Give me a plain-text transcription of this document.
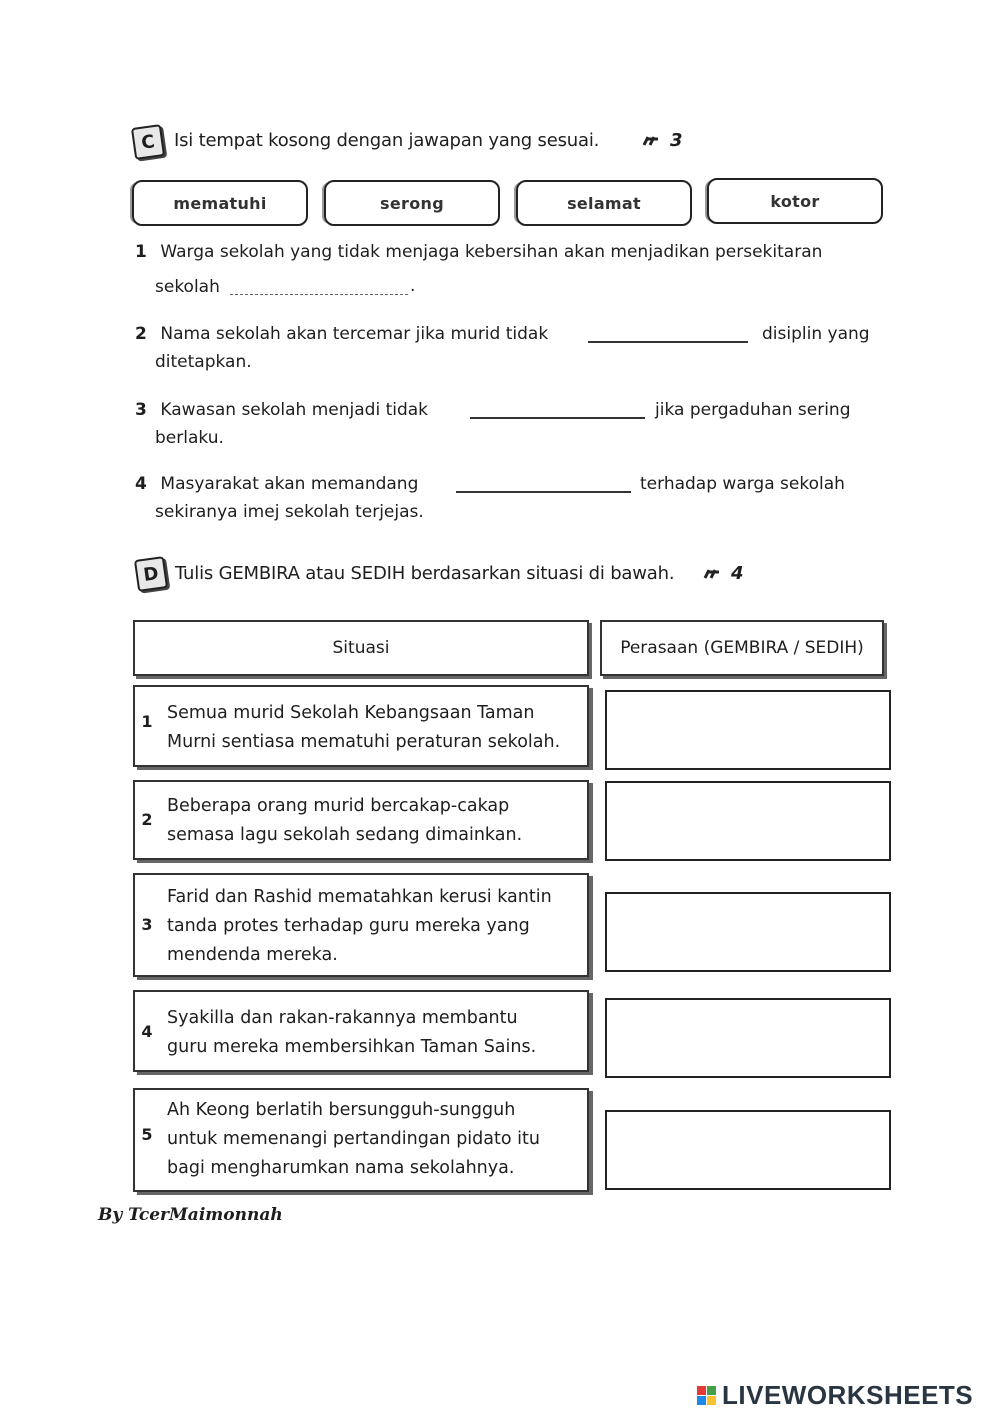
C Isi tempat kosong dengan jawapan yang sesuai.	3
mematuhi	serong	selamat	kotor
1 Warga sekolah yang tidak menjaga kebersihan akan menjadikan persekitaran
sekolah	.
2 Nama sekolah akan tercemar jika murid tidak	disiplin yang
ditetapkan.
3 Kawasan sekolah menjadi tidak	jika pergaduhan sering
berlaku.
4 Masyarakat akan memandang	terhadap warga sekolah
sekiranya imej sekolah terjejas.
D Tulis GEMBIRA atau SEDIH berdasarkan situasi di bawah.	4
Situasi	Perasaan (GEMBIRA / SEDIH)
1 Semua murid Sekolah Kebangsaan Taman
Murni sentiasa mematuhi peraturan sekolah.
2
Beberapa orang murid bercakap-cakap
semasa lagu sekolah sedang dimainkan.
3
Farid dan Rashid mematahkan kerusi kantin
tanda protes terhadap guru mereka yang
mendenda mereka.
4
Syakilla dan rakan-rakannya membantu
guru mereka membersihkan Taman Sains.
5
Ah Keong berlatih bersungguh-sungguh
untuk memenangi pertandingan pidato itu
bagi mengharumkan nama sekolahnya.
By TcerMaimonnah
LIVEWORKSHEETS
